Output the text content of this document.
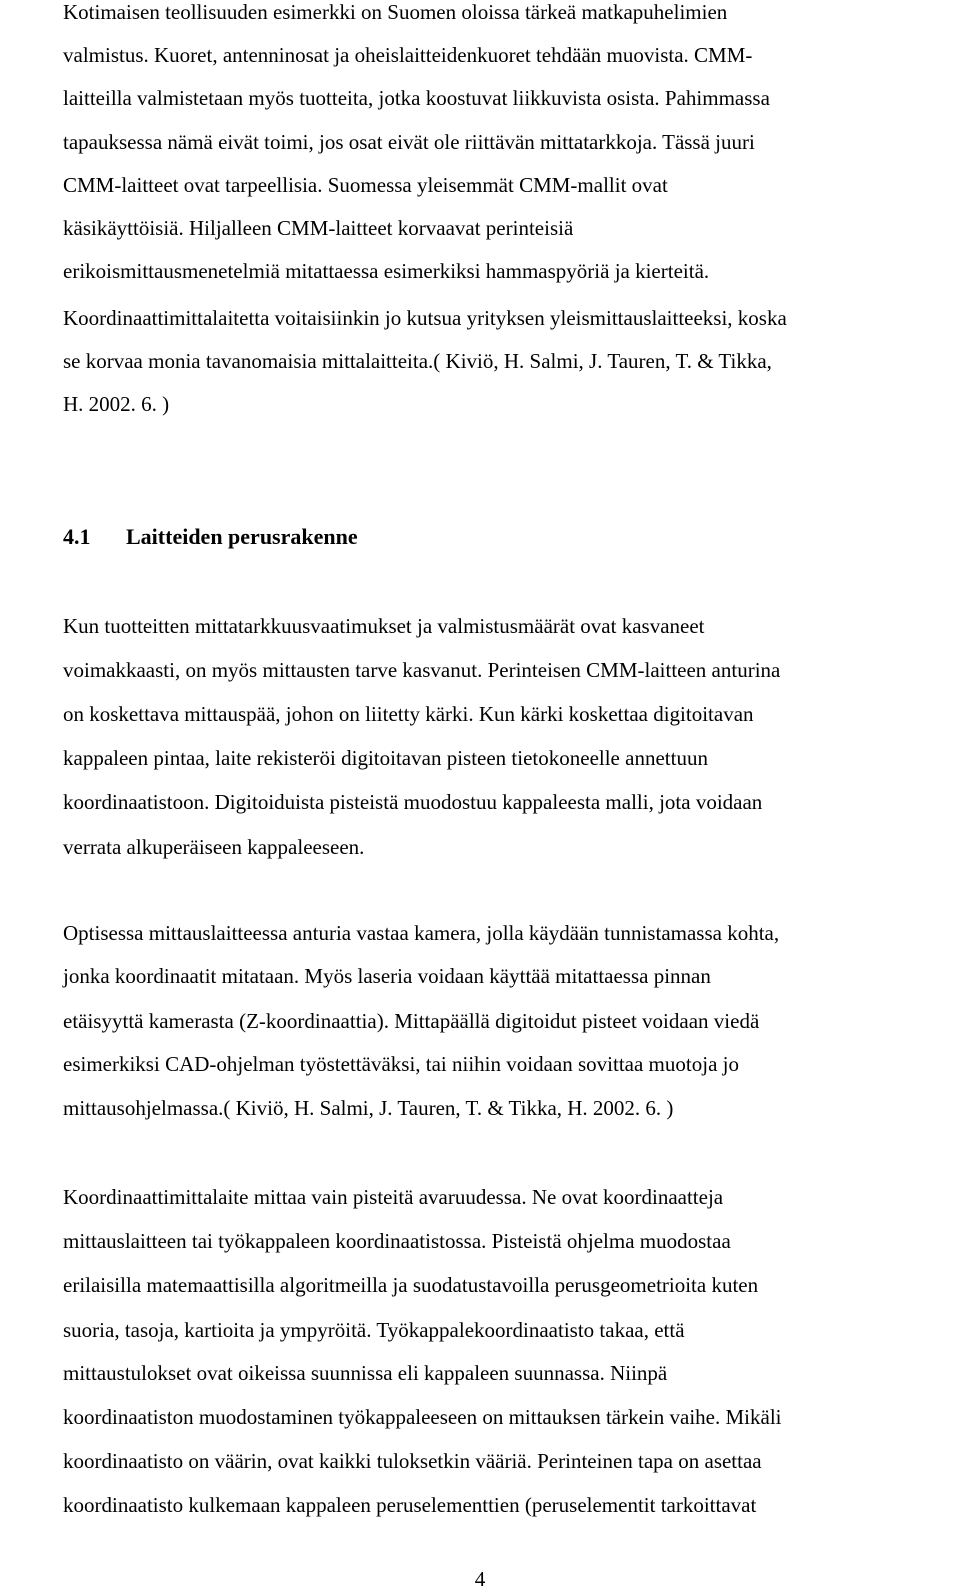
Kotimaisen teollisuuden esimerkki on Suomen oloissa tärkeä matkapuhelimien
valmistus. Kuoret, antenninosat ja oheislaitteidenkuoret tehdään muovista. CMM-
laitteilla valmistetaan myös tuotteita, jotka koostuvat liikkuvista osista. Pahimmassa
tapauksessa nämä eivät toimi, jos osat eivät ole riittävän mittatarkkoja. Tässä juuri
CMM-laitteet ovat tarpeellisia. Suomessa yleisemmät CMM-mallit ovat
käsikäyttöisiä. Hiljalleen CMM-laitteet korvaavat perinteisiä
erikoismittausmenetelmiä mitattaessa esimerkiksi hammaspyöriä ja kierteitä.
Koordinaattimittalaitetta voitaisiinkin jo kutsua yrityksen yleismittauslaitteeksi, koska
se korvaa monia tavanomaisia mittalaitteita.( Kiviö, H. Salmi, J. Tauren, T. & Tikka,
H. 2002. 6. )
4.1 Laitteiden perusrakenne
Kun tuotteitten mittatarkkuusvaatimukset ja valmistusmäärät ovat kasvaneet
voimakkaasti, on myös mittausten tarve kasvanut. Perinteisen CMM-laitteen anturina
on koskettava mittauspää, johon on liitetty kärki. Kun kärki koskettaa digitoitavan
kappaleen pintaa, laite rekisteröi digitoitavan pisteen tietokoneelle annettuun
koordinaatistoon. Digitoiduista pisteistä muodostuu kappaleesta malli, jota voidaan
verrata alkuperäiseen kappaleeseen.
Optisessa mittauslaitteessa anturia vastaa kamera, jolla käydään tunnistamassa kohta,
jonka koordinaatit mitataan. Myös laseria voidaan käyttää mitattaessa pinnan
etäisyyttä kamerasta (Z-koordinaattia). Mittapäällä digitoidut pisteet voidaan viedä
esimerkiksi CAD-ohjelman työstettäväksi, tai niihin voidaan sovittaa muotoja jo
mittausohjelmassa.( Kiviö, H. Salmi, J. Tauren, T. & Tikka, H. 2002. 6. )
Koordinaattimittalaite mittaa vain pisteitä avaruudessa. Ne ovat koordinaatteja
mittauslaitteen tai työkappaleen koordinaatistossa. Pisteistä ohjelma muodostaa
erilaisilla matemaattisilla algoritmeilla ja suodatustavoilla perusgeometrioita kuten
suoria, tasoja, kartioita ja ympyröitä. Työkappalekoordinaatisto takaa, että
mittaustulokset ovat oikeissa suunnissa eli kappaleen suunnassa. Niinpä
koordinaatiston muodostaminen työkappaleeseen on mittauksen tärkein vaihe. Mikäli
koordinaatisto on väärin, ovat kaikki tuloksetkin vääriä. Perinteinen tapa on asettaa
koordinaatisto kulkemaan kappaleen peruselementtien (peruselementit tarkoittavat
4
